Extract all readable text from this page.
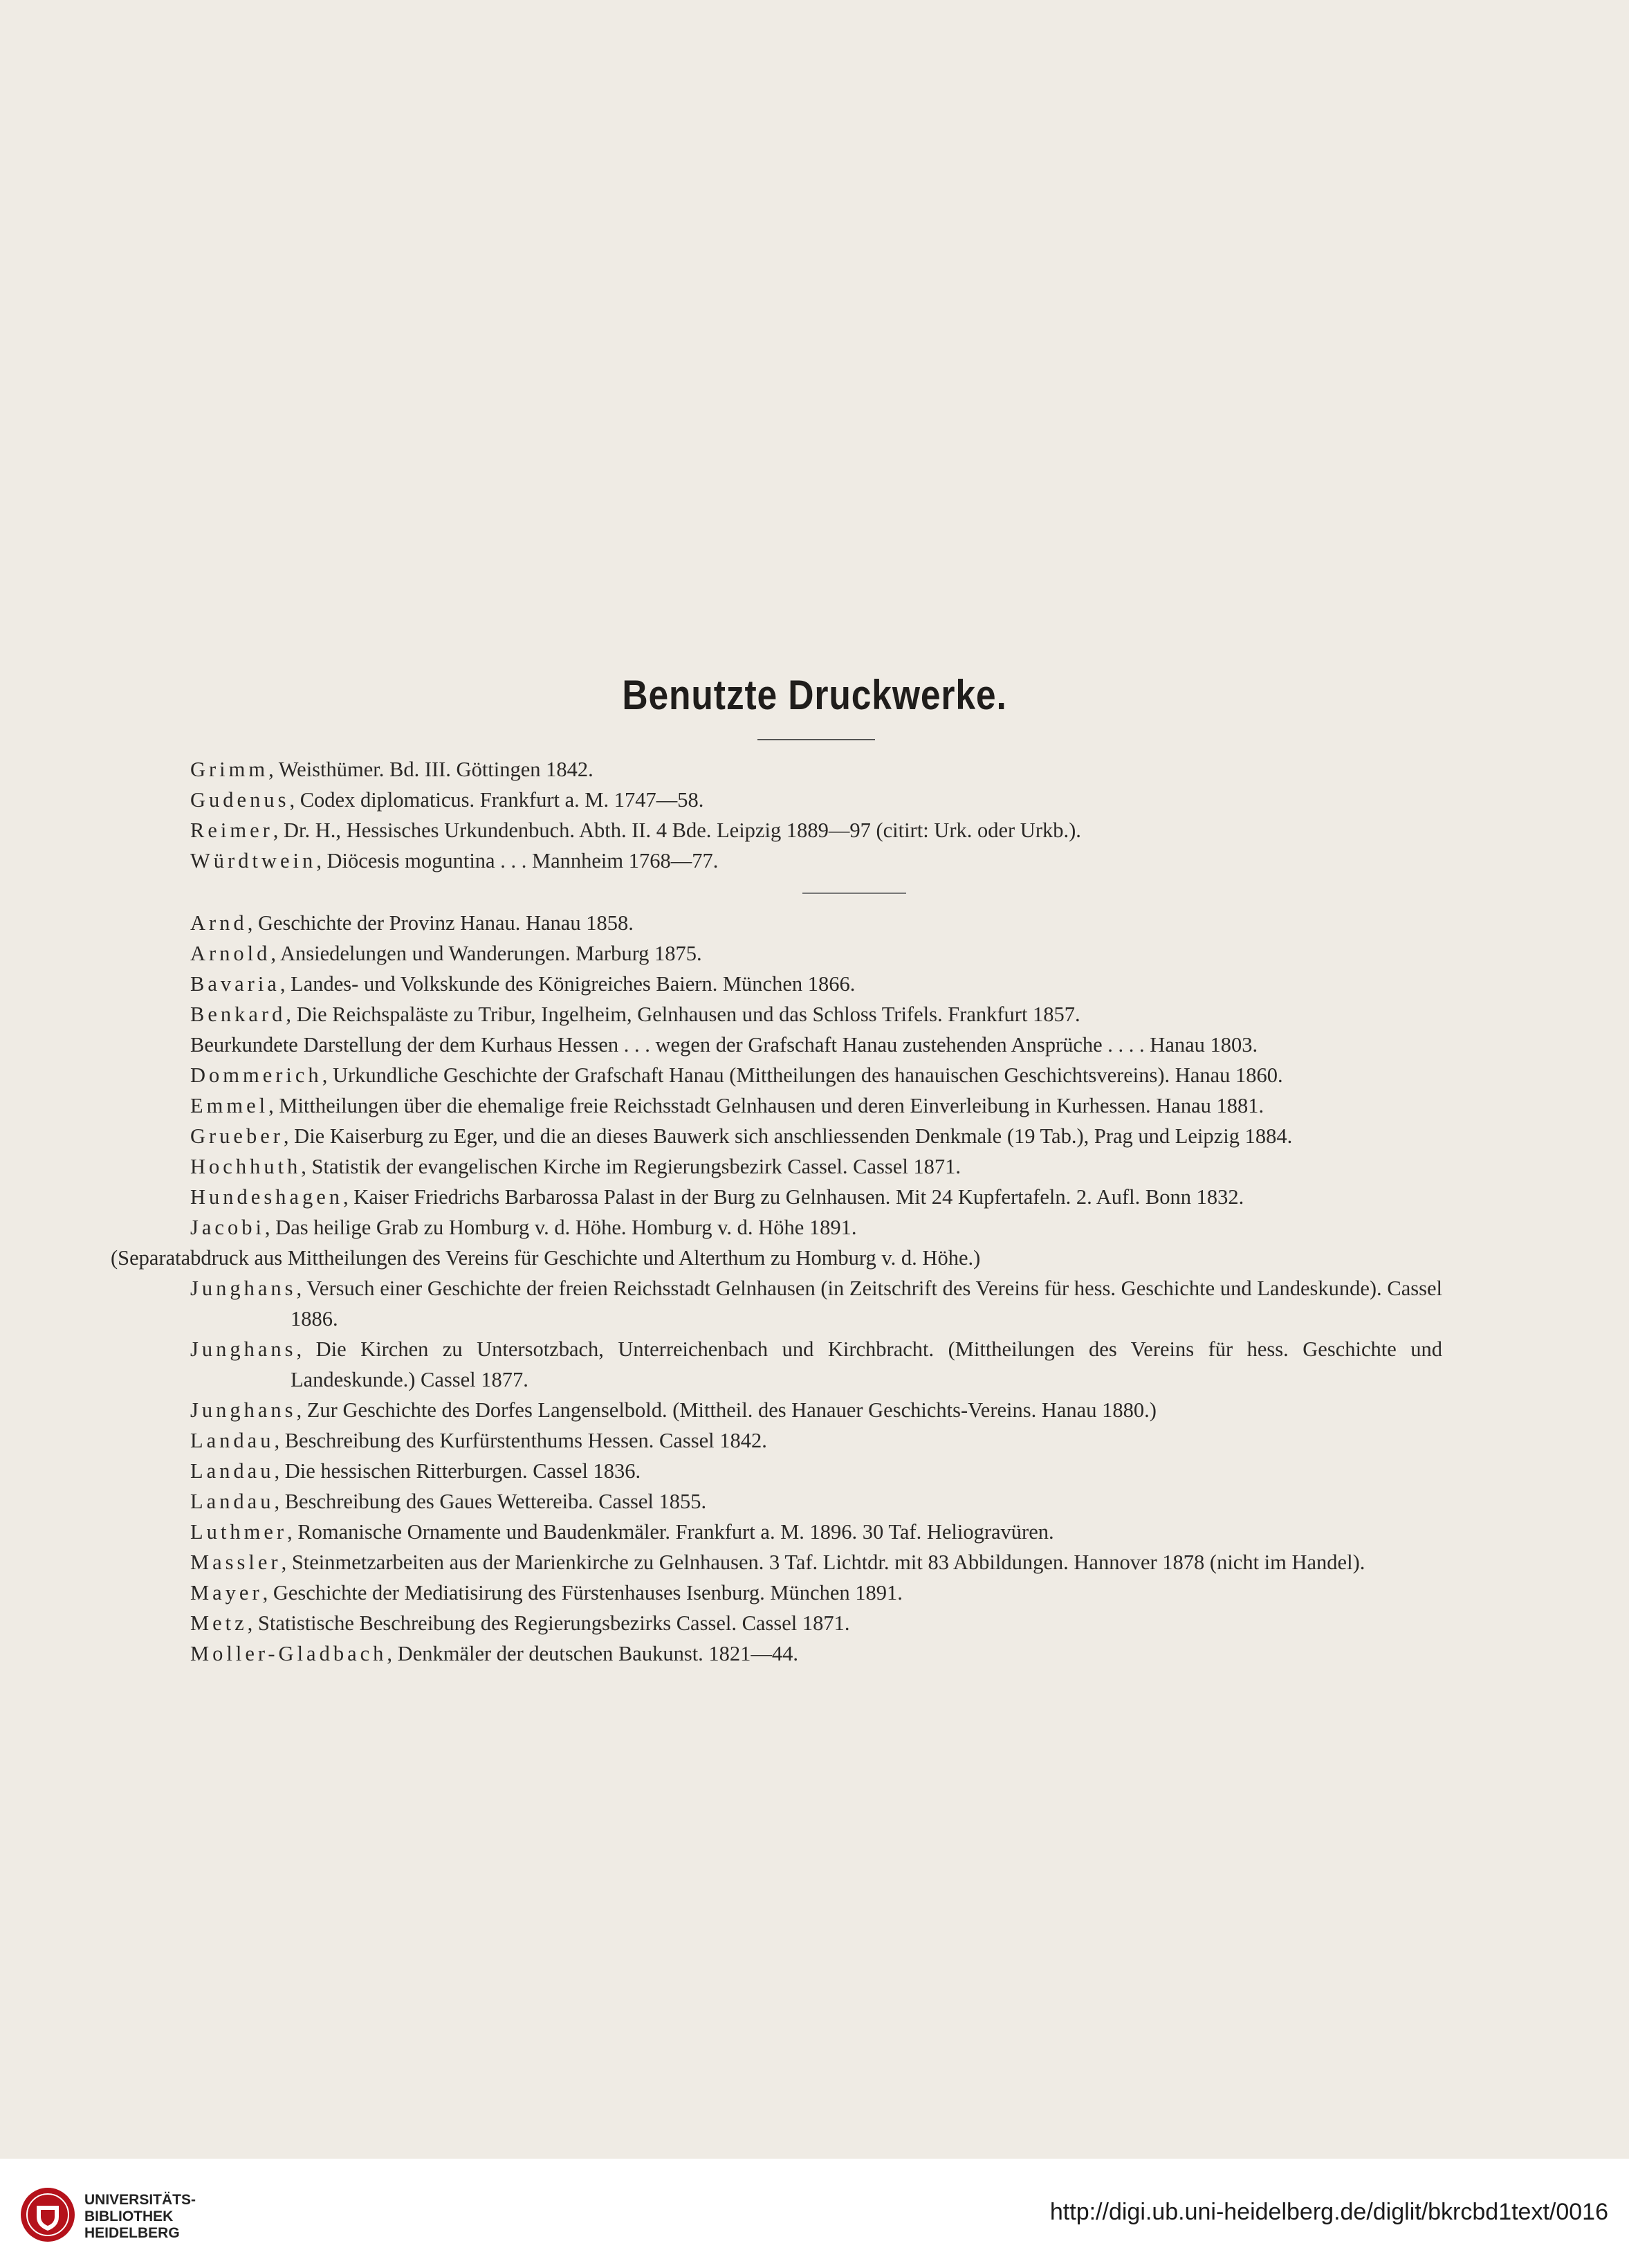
Benutzte Druckwerke.
Grimm, Weisthümer. Bd. III. Göttingen 1842.
Gudenus, Codex diplomaticus. Frankfurt a. M. 1747—58.
Reimer, Dr. H., Hessisches Urkundenbuch. Abth. II. 4 Bde. Leipzig 1889—97 (citirt: Urk. oder Urkb.).
Würdtwein, Diöcesis moguntina . . . Mannheim 1768—77.
Arnd, Geschichte der Provinz Hanau. Hanau 1858.
Arnold, Ansiedelungen und Wanderungen. Marburg 1875.
Bavaria, Landes- und Volkskunde des Königreiches Baiern. München 1866.
Benkard, Die Reichspaläste zu Tribur, Ingelheim, Gelnhausen und das Schloss Trifels. Frankfurt 1857.
Beurkundete Darstellung der dem Kurhaus Hessen . . . wegen der Grafschaft Hanau zustehenden Ansprüche . . . . Hanau 1803.
Dommerich, Urkundliche Geschichte der Grafschaft Hanau (Mittheilungen des hanauischen Geschichtsvereins). Hanau 1860.
Emmel, Mittheilungen über die ehemalige freie Reichsstadt Gelnhausen und deren Einverleibung in Kurhessen. Hanau 1881.
Grueber, Die Kaiserburg zu Eger, und die an dieses Bauwerk sich anschliessenden Denkmale (19 Tab.), Prag und Leipzig 1884.
Hochhuth, Statistik der evangelischen Kirche im Regierungsbezirk Cassel. Cassel 1871.
Hundeshagen, Kaiser Friedrichs Barbarossa Palast in der Burg zu Gelnhausen. Mit 24 Kupfertafeln. 2. Aufl. Bonn 1832.
Jacobi, Das heilige Grab zu Homburg v. d. Höhe. Homburg v. d. Höhe 1891.
(Separatabdruck aus Mittheilungen des Vereins für Geschichte und Alterthum zu Homburg v. d. Höhe.)
Junghans, Versuch einer Geschichte der freien Reichsstadt Gelnhausen (in Zeitschrift des Vereins für hess. Geschichte und Landeskunde). Cassel 1886.
Junghans, Die Kirchen zu Untersotzbach, Unterreichenbach und Kirchbracht. (Mittheilungen des Vereins für hess. Geschichte und Landeskunde.) Cassel 1877.
Junghans, Zur Geschichte des Dorfes Langenselbold. (Mittheil. des Hanauer Geschichts-Vereins. Hanau 1880.)
Landau, Beschreibung des Kurfürstenthums Hessen. Cassel 1842.
Landau, Die hessischen Ritterburgen. Cassel 1836.
Landau, Beschreibung des Gaues Wettereiba. Cassel 1855.
Luthmer, Romanische Ornamente und Baudenkmäler. Frankfurt a. M. 1896. 30 Taf. Heliogravüren.
Massler, Steinmetzarbeiten aus der Marienkirche zu Gelnhausen. 3 Taf. Lichtdr. mit 83 Abbildungen. Hannover 1878 (nicht im Handel).
Mayer, Geschichte der Mediatisirung des Fürstenhauses Isenburg. München 1891.
Metz, Statistische Beschreibung des Regierungsbezirks Cassel. Cassel 1871.
Moller-Gladbach, Denkmäler der deutschen Baukunst. 1821—44.
UNIVERSITÄTS-
BIBLIOTHEK
HEIDELBERG
http://digi.ub.uni-heidelberg.de/diglit/bkrcbd1text/0016
